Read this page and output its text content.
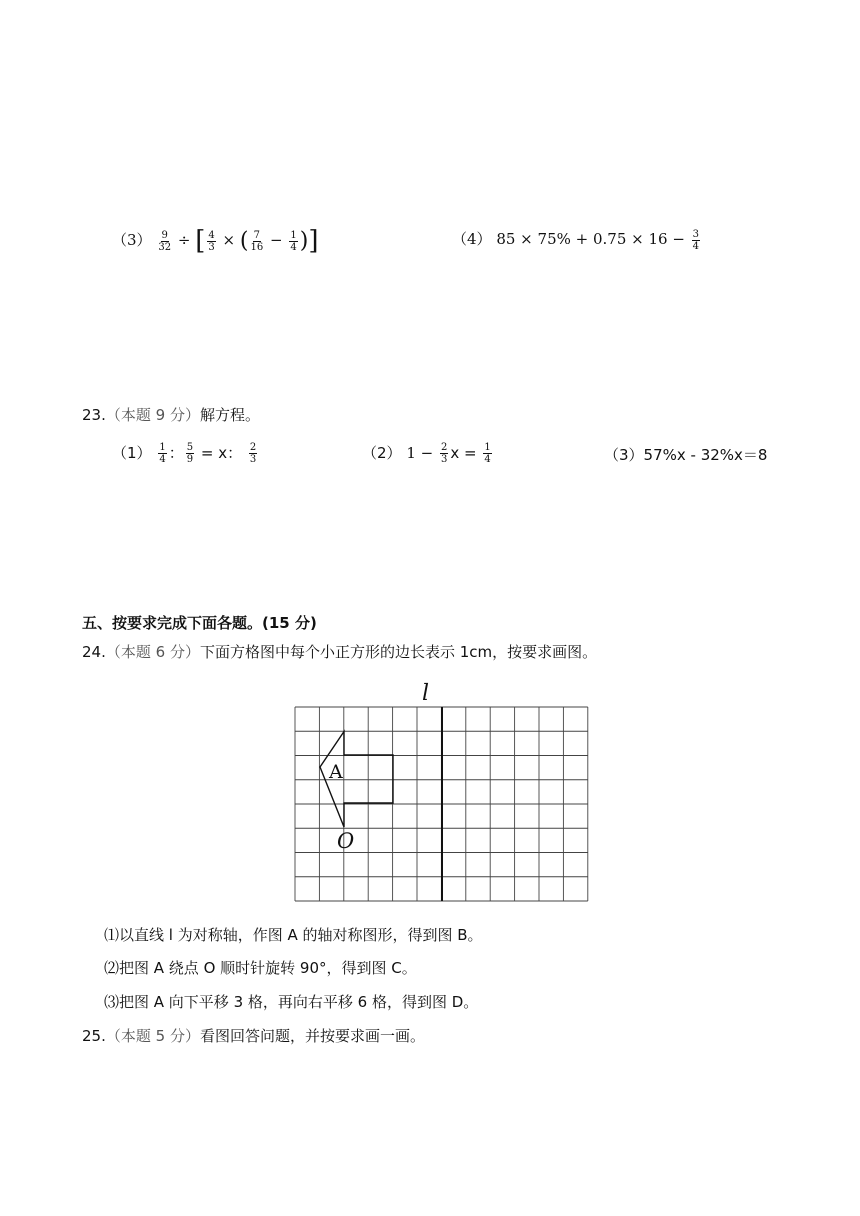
$(3) \frac{9}{32}$ ÷ [ $\frac{4}{3}$ × ( $\frac{7}{16} - \frac{1}{4}$ )]	（4） $85 \times 75\% + 0.75 \times 16 - \frac{3}{4}$
23.（本题 9 分）解方程。
$(1) \frac{1}{4}$ ： $\frac{5}{9} = x$： $\frac{2}{3}$	（2） $1 - \frac{2}{3}$ $x = \frac{1}{4}$	（3）57%x - 32%x＝8
五、按要求完成下面各题。(15 分)
24.（本题 6 分）下面方格图中每个小正方形的边长表示 1cm，按要求画图。
l
A
O
⑴以直线 l 为对称轴，作图 A 的轴对称图形，得到图 B。
⑵把图 A 绕点 O 顺时针旋转 90°，得到图 C。
⑶把图 A 向下平移 3 格，再向右平移 6 格，得到图 D。
25.（本题 5 分）看图回答问题，并按要求画一画。
